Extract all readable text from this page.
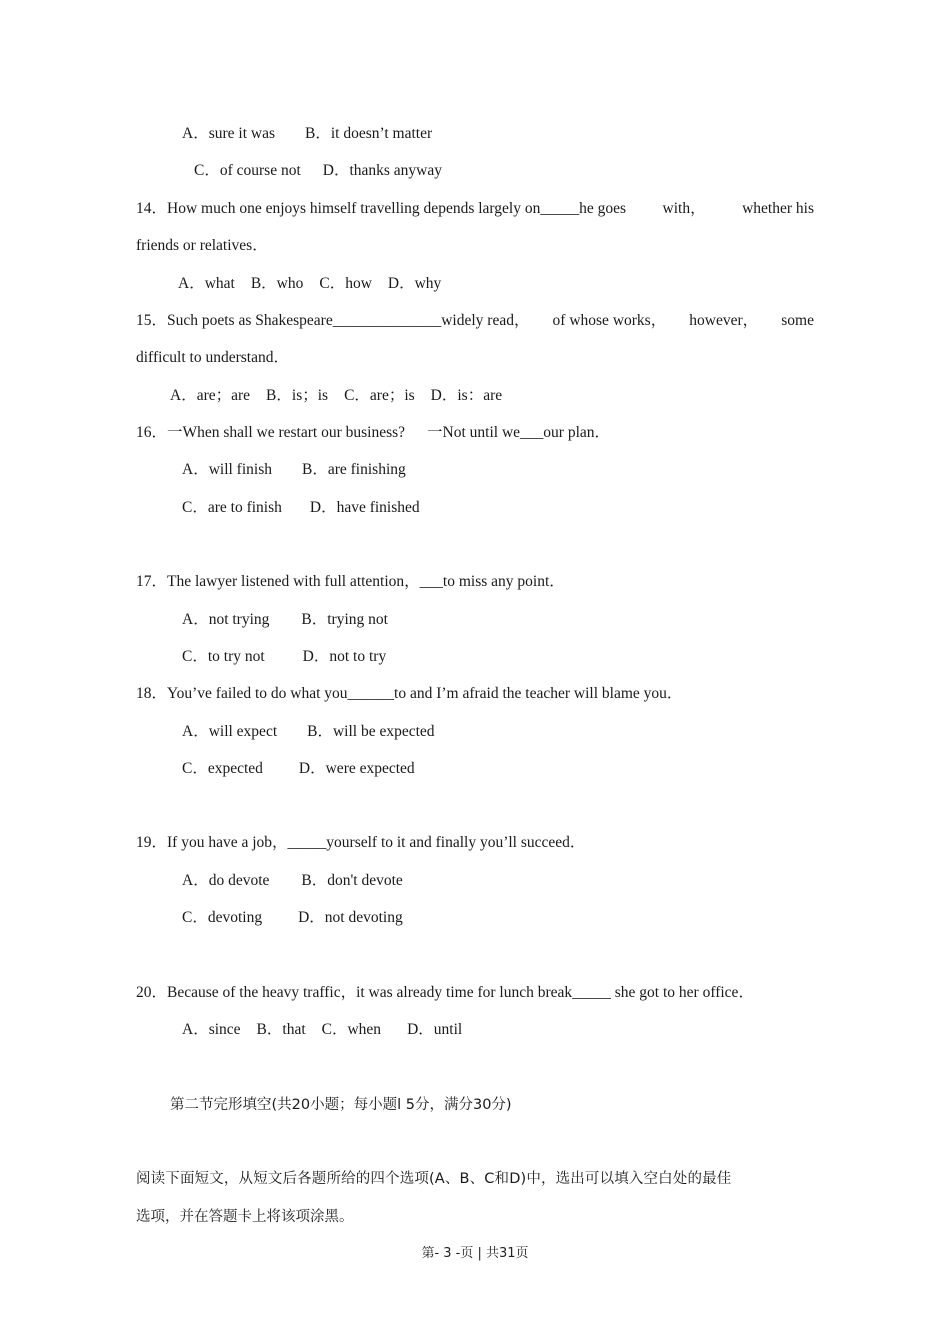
A．sure it was B．it doesn’t matter
C．of course not D．thanks anyway
14．How much one enjoys himself travelling depends largely on_____he goes with， whether his
friends or relatives．
A．what B．who C．how D．why
15．Such poets as Shakespeare______________widely read， of whose works， however， some
difficult to understand．
A．are；are B．is；is C．are；is D．is：are
16．一When shall we restart our business? 一Not until we___our plan．
A．will finish B．are finishing
C．are to finish D．have finished
17．The lawyer listened with full attention，___to miss any point．
A．not trying B．trying not
C．to try not D．not to try
18．You’ve failed to do what you______to and I’m afraid the teacher will blame you．
A．will expect B．will be expected
C．expected D．were expected
19．If you have a job，_____yourself to it and finally you’ll succeed．
A．do devote B．don't devote
C．devoting D．not devoting
20．Because of the heavy traffic，it was already time for lunch break_____ she got to her office．
A．since B．that C．when D．until
第二节完形填空(共20小题；每小题l 5分，满分30分)
阅读下面短文，从短文后各题所给的四个选项(A、B、C和D)中，选出可以填入空白处的最佳
选项，并在答题卡上将该项涂黑。
第- 3 -页 | 共31页
